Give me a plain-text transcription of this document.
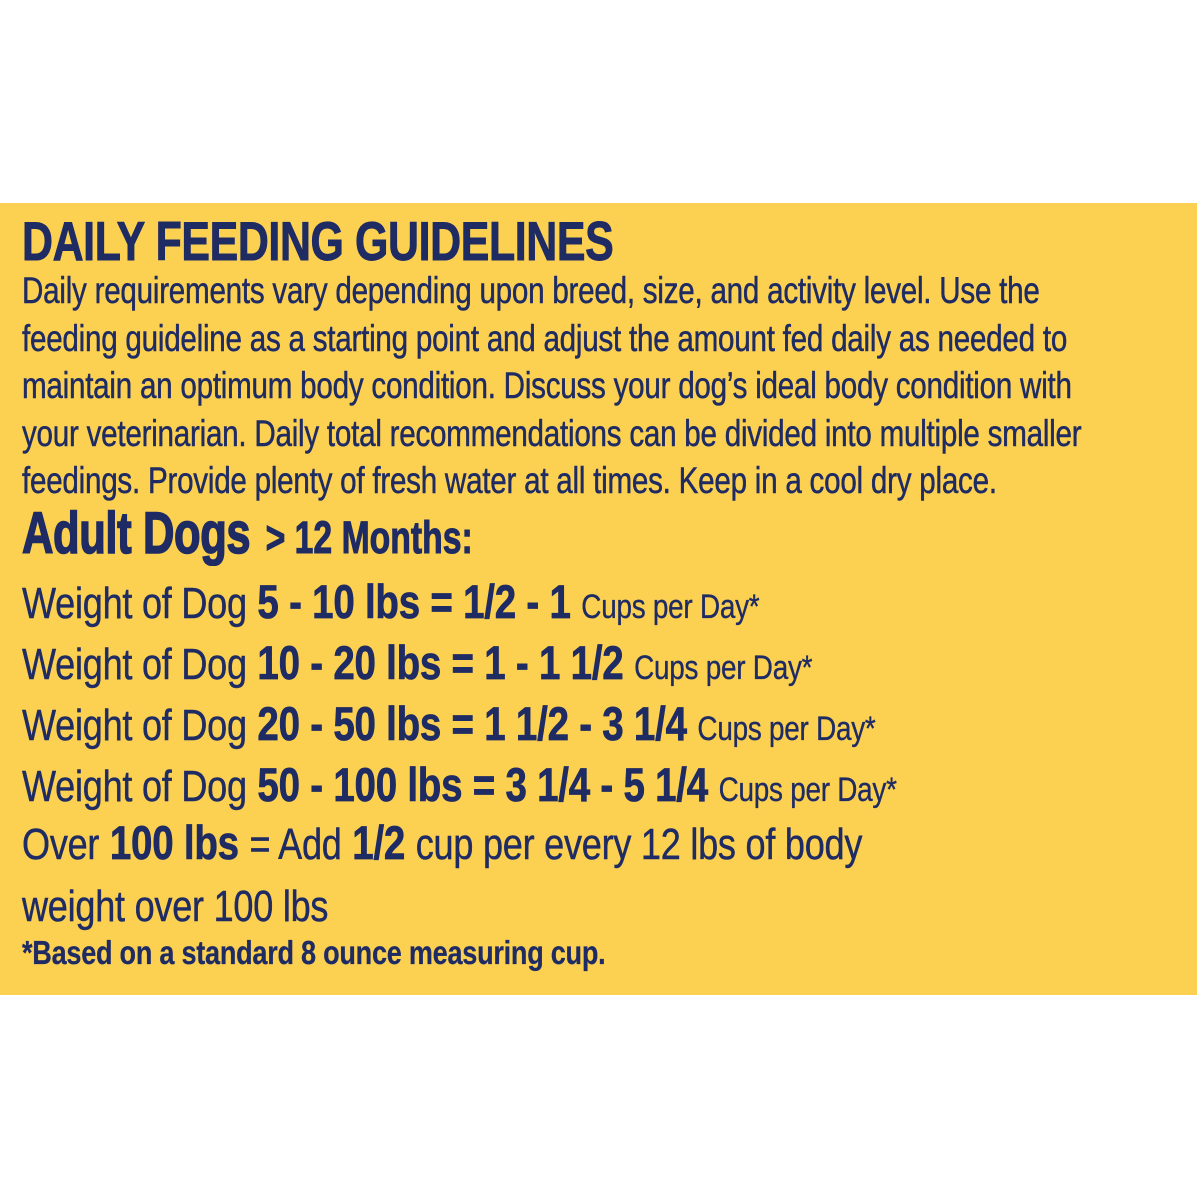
DAILY FEEDING GUIDELINES
Daily requirements vary depending upon breed, size, and activity level. Use the
feeding guideline as a starting point and adjust the amount fed daily as needed to
maintain an optimum body condition. Discuss your dog’s ideal body condition with
your veterinarian. Daily total recommendations can be divided into multiple smaller
feedings. Provide plenty of fresh water at all times. Keep in a cool dry place.
Adult Dogs > 12 Months:
Weight of Dog 5 - 10 lbs = 1/2 - 1 Cups per Day*
Weight of Dog 10 - 20 lbs = 1 - 1 1/2 Cups per Day*
Weight of Dog 20 - 50 lbs = 1 1/2 - 3 1/4 Cups per Day*
Weight of Dog 50 - 100 lbs = 3 1/4 - 5 1/4 Cups per Day*
Over 100 lbs = Add 1/2 cup per every 12 lbs of body
weight over 100 lbs
*Based on a standard 8 ounce measuring cup.
